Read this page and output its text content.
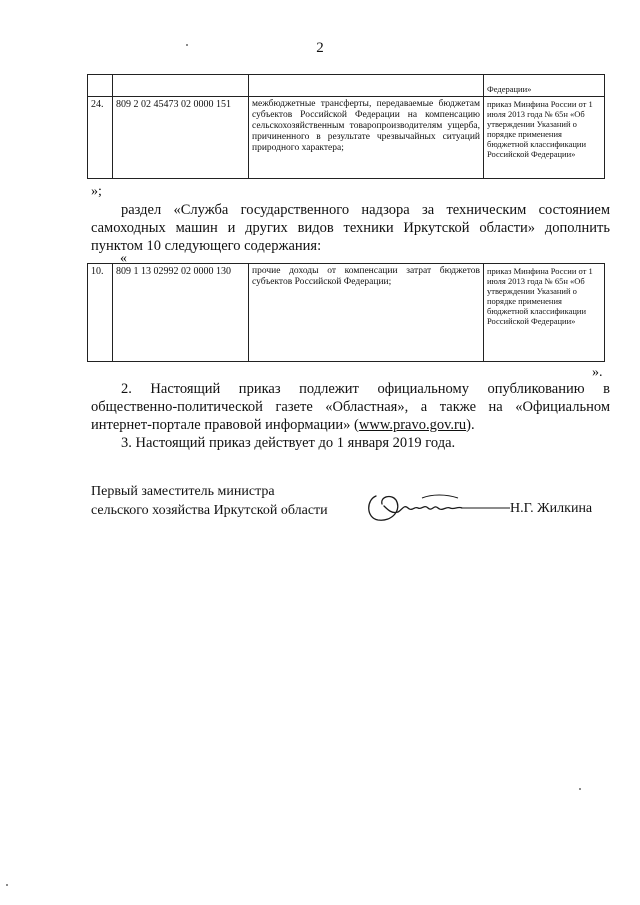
2
			Федерации»
24.	809 2 02 45473 02 0000 151	межбюджетные трансферты, передаваемые бюджетам субъектов Российской Федерации на компенсацию сельскохозяйственным товаропроизводителям ущерба, причиненного в результате чрезвычайных ситуаций природного характера;	приказ Минфина России от 1 июля 2013 года № 65н «Об утверждении Указаний о порядке применения бюджетной классификации Российской Федерации»
»;
раздел «Служба государственного надзора за техническим состоянием самоходных машин и других видов техники Иркутской области» дополнить пунктом 10 следующего содержания:
«
10.	809 1 13 02992 02 0000 130	прочие доходы от компенсации затрат бюджетов субъектов Российской Федерации;	приказ Минфина России от 1 июля 2013 года № 65н «Об утверждении Указаний о порядке применения бюджетной классификации Российской Федерации»
».
2. Настоящий приказ подлежит официальному опубликованию в общественно-политической газете «Областная», а также на «Официальном интернет-портале правовой информации» (www.pravo.gov.ru).
3. Настоящий приказ действует до 1 января 2019 года.
Первый заместитель министра
сельского хозяйства Иркутской области	Н.Г. Жилкина
